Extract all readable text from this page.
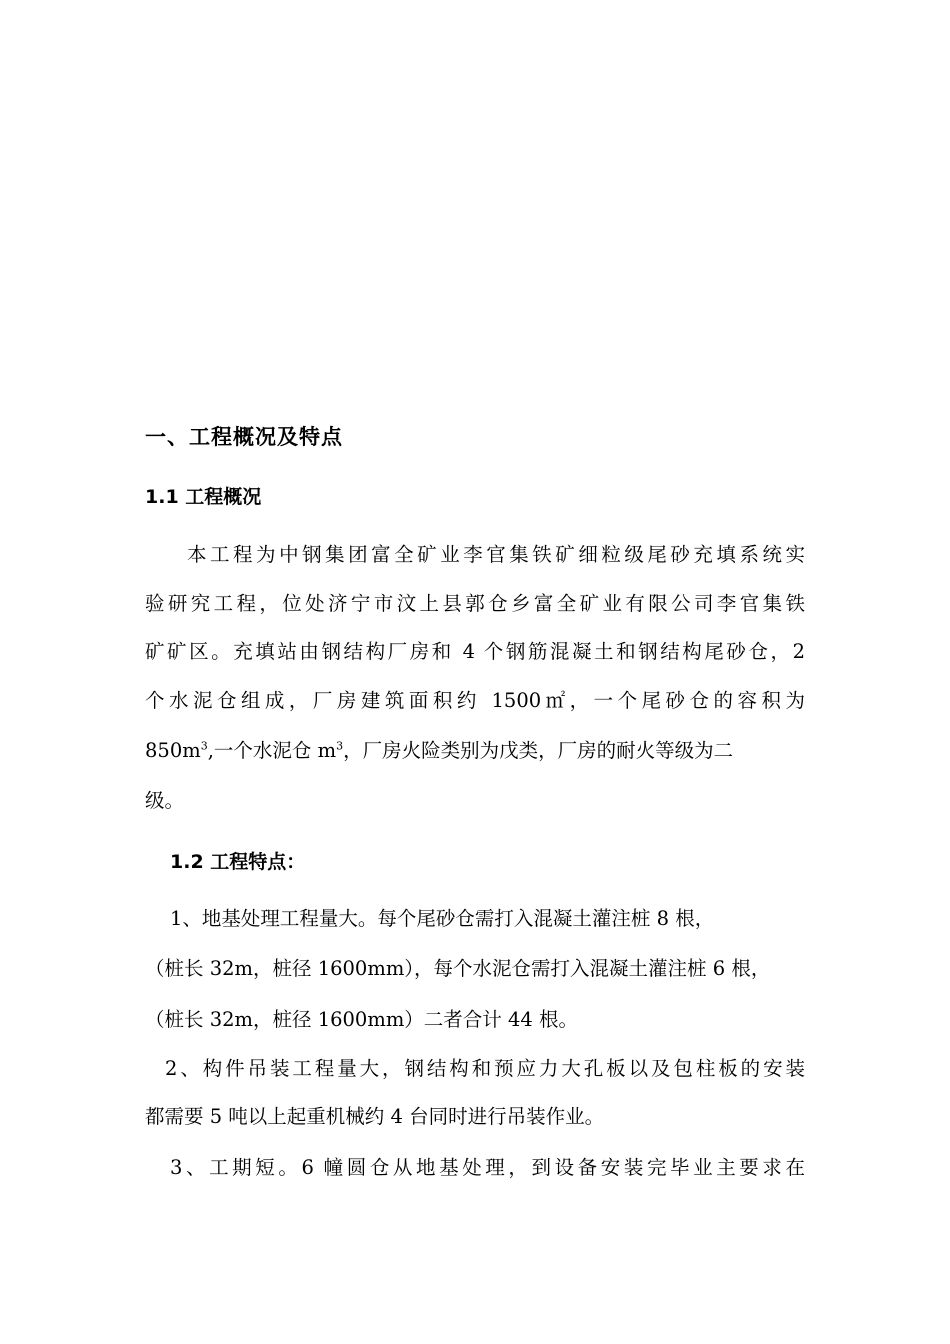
一、工程概况及特点
1.1 工程概况
本工程为中钢集团富全矿业李官集铁矿细粒级尾砂充填系统实
验研究工程，位处济宁市汶上县郭仓乡富全矿业有限公司李官集铁
矿矿区。充填站由钢结构厂房和 4 个钢筋混凝土和钢结构尾砂仓，2
个水泥仓组成，厂房建筑面积约 1500㎡，一个尾砂仓的容积为
$850m^3$,一个水泥仓 $m^3$，厂房火险类别为戊类，厂房的耐火等级为二
级。
1.2 工程特点：
1、地基处理工程量大。每个尾砂仓需打入混凝土灌注桩 8 根，
（桩长 32m，桩径 1600mm），每个水泥仓需打入混凝土灌注桩 6 根，
（桩长 32m，桩径 1600mm）二者合计 44 根。
2、构件吊装工程量大，钢结构和预应力大孔板以及包柱板的安装
都需要 5 吨以上起重机械约 4 台同时进行吊装作业。
3、工期短。6 幢圆仓从地基处理，到设备安装完毕业主要求在
